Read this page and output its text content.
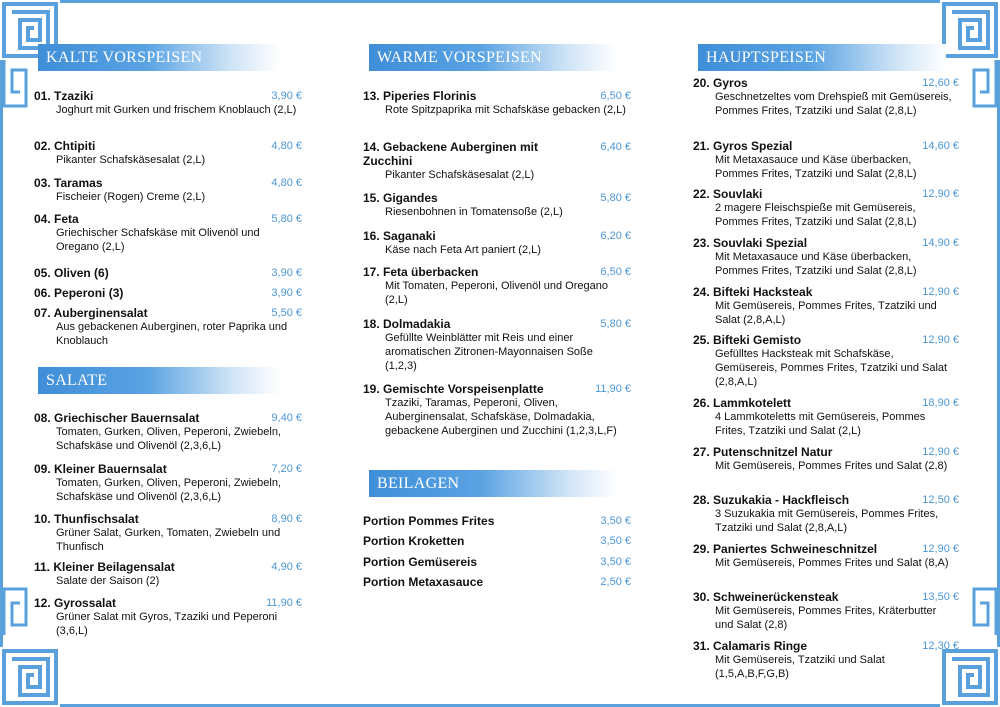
KALTE VORSPEISEN
01. Tzaziki	3,90 €
Joghurt mit Gurken und frischem Knoblauch (2,L)
02. Chtipiti	4,80 €
Pikanter Schafskäsesalat (2,L)
03. Taramas	4,80 €
Fischeier (Rogen) Creme (2,L)
04. Feta	5,80 €
Griechischer Schafskäse mit Olivenöl und Oregano (2,L)
05. Oliven (6)	3,90 €
06. Peperoni (3)	3,90 €
07. Auberginensalat	5,50 €
Aus gebackenen Auberginen, roter Paprika und Knoblauch
SALATE
08. Griechischer Bauernsalat	9,40 €
Tomaten, Gurken, Oliven, Peperoni, Zwiebeln, Schafskäse und Olivenöl (2,3,6,L)
09. Kleiner Bauernsalat	7,20 €
Tomaten, Gurken, Oliven, Peperoni, Zwiebeln, Schafskäse und Olivenöl (2,3,6,L)
10. Thunfischsalat	8,90 €
Grüner Salat, Gurken, Tomaten, Zwiebeln und Thunfisch
11. Kleiner Beilagensalat	4,90 €
Salate der Saison (2)
12. Gyrossalat	11,90 €
Grüner Salat mit Gyros, Tzaziki und Peperoni (3,6,L)
WARME VORSPEISEN
13. Piperies Florinis	6,50 €
Rote Spitzpaprika mit Schafskäse gebacken (2,L)
14. Gebackene Auberginen mit Zucchini
6,40 €
Pikanter Schafskäsesalat (2,L)
15. Gigandes	5,80 €
Riesenbohnen in Tomatensoße (2,L)
16. Saganaki	6,20 €
Käse nach Feta Art paniert (2,L)
17. Feta überbacken	6,50 €
Mit Tomaten, Peperoni, Olivenöl und Oregano (2,L)
18. Dolmadakia	5,80 €
Gefüllte Weinblätter mit Reis und einer aromatischen Zitronen-Mayonnaisen Soße (1,2,3)
19. Gemischte Vorspeisenplatte	11,90 €
Tzaziki, Taramas, Peperoni, Oliven, Auberginensalat, Schafskäse, Dolmadakia, gebackene Auberginen und Zucchini (1,2,3,L,F)
BEILAGEN
Portion Pommes Frites	3,50 €
Portion Kroketten	3,50 €
Portion Gemüsereis	3,50 €
Portion Metaxasauce	2,50 €
HAUPTSPEISEN
20. Gyros	12,60 €
Geschnetzeltes vom Drehspieß mit Gemüsereis, Pommes Frites, Tzatziki und Salat (2,8,L)
21. Gyros Spezial	14,60 €
Mit Metaxasauce und Käse überbacken, Pommes Frites, Tzatziki und Salat (2,8,L)
22. Souvlaki	12,90 €
2 magere Fleischspieße mit Gemüsereis, Pommes Frites, Tzatziki und Salat (2,8,L)
23. Souvlaki Spezial	14,90 €
Mit Metaxasauce und Käse überbacken, Pommes Frites, Tzatziki und Salat (2,8,L)
24. Bifteki Hacksteak	12,90 €
Mit Gemüsereis, Pommes Frites, Tzatziki und Salat (2,8,A,L)
25. Bifteki Gemisto	12,90 €
Gefülltes Hacksteak mit Schafskäse, Gemüsereis, Pommes Frites, Tzatziki und Salat (2,8,A,L)
26. Lammkotelett	18,90 €
4 Lammkoteletts mit Gemüsereis, Pommes Frites, Tzatziki und Salat (2,L)
27. Putenschnitzel Natur	12,90 €
Mit Gemüsereis, Pommes Frites und Salat (2,8)
28. Suzukakia - Hackfleisch	12,50 €
3 Suzukakia mit Gemüsereis, Pommes Frites, Tzatziki und Salat (2,8,A,L)
29. Paniertes Schweineschnitzel	12,90 €
Mit Gemüsereis, Pommes Frites und Salat (8,A)
30. Schweinerückensteak	13,50 €
Mit Gemüsereis, Pommes Frites, Kräterbutter und Salat (2,8)
31. Calamaris Ringe	12,30 €
Mit Gemüsereis, Tzatziki und Salat (1,5,A,B,F,G,B)
